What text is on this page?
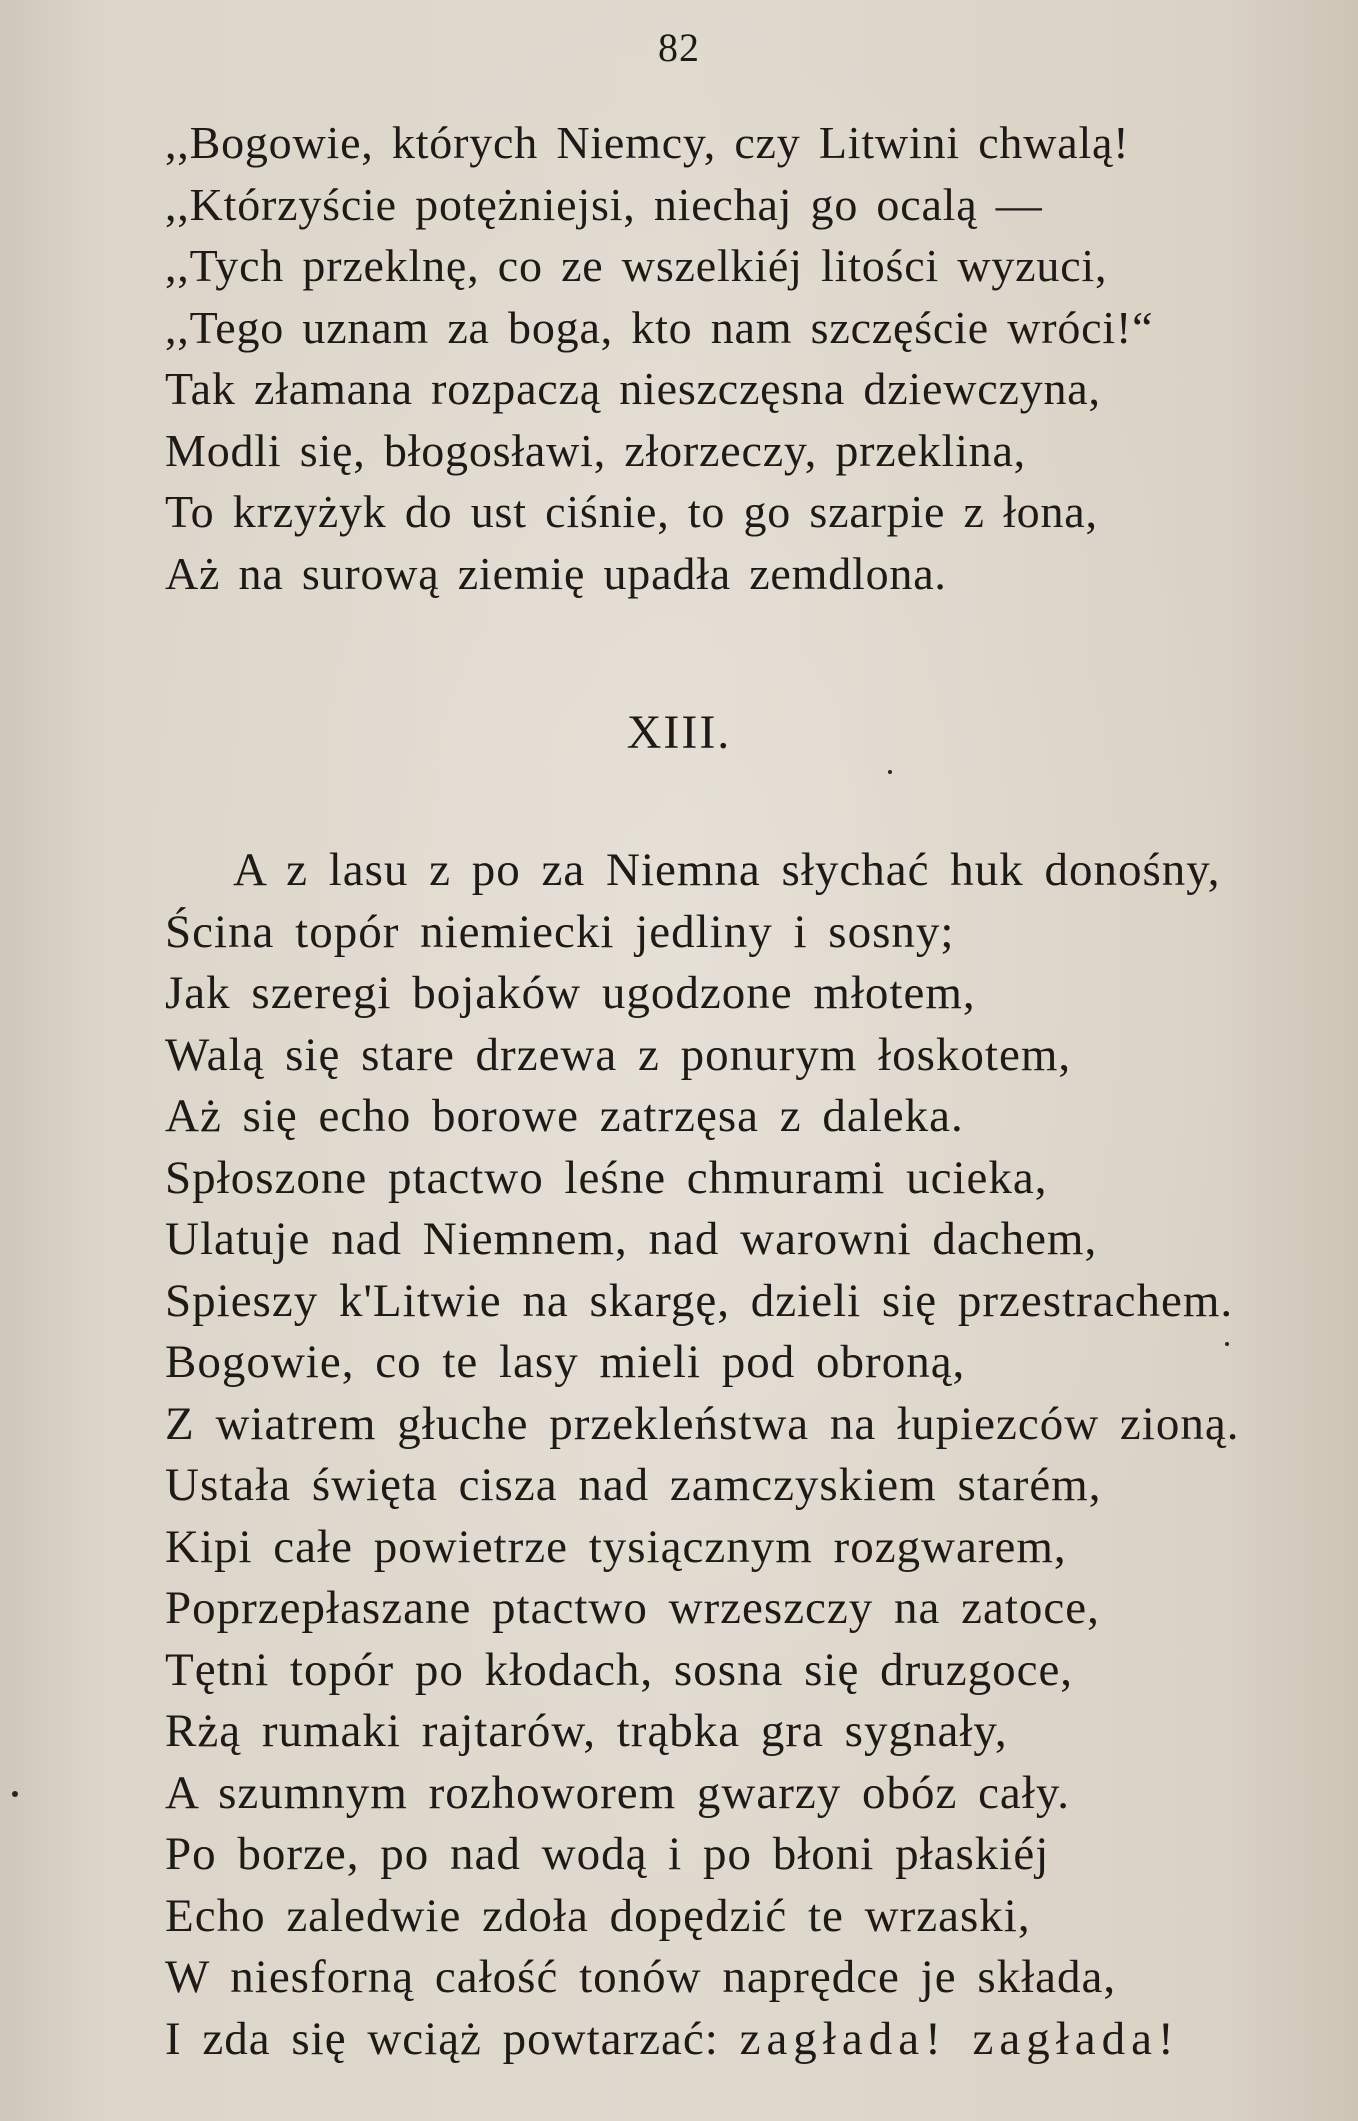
82
,,Bogowie, których Niemcy, czy Litwini chwalą!
,,Którzyście potężniejsi, niechaj go ocalą —
,,Tych przeklnę, co ze wszelkiéj litości wyzuci,
,,Tego uznam za boga, kto nam szczęście wróci!“
Tak złamana rozpaczą nieszczęsna dziewczyna,
Modli się, błogosławi, złorzeczy, przeklina,
To krzyżyk do ust ciśnie, to go szarpie z łona,
Aż na surową ziemię upadła zemdlona.
XIII.
A z lasu z po za Niemna słychać huk donośny,
Ścina topór niemiecki jedliny i sosny;
Jak szeregi bojaków ugodzone młotem,
Walą się stare drzewa z ponurym łoskotem,
Aż się echo borowe zatrzęsa z daleka.
Spłoszone ptactwo leśne chmurami ucieka,
Ulatuje nad Niemnem, nad warowni dachem,
Spieszy k'Litwie na skargę, dzieli się przestrachem.
Bogowie, co te lasy mieli pod obroną,
Z wiatrem głuche przekleństwa na łupiezców zioną.
Ustała święta cisza nad zamczyskiem starém,
Kipi całe powietrze tysiącznym rozgwarem,
Poprzepłaszane ptactwo wrzeszczy na zatoce,
Tętni topór po kłodach, sosna się druzgoce,
Rżą rumaki rajtarów, trąbka gra sygnały,
A szumnym rozhoworem gwarzy obóz cały.
Po borze, po nad wodą i po błoni płaskiéj
Echo zaledwie zdoła dopędzić te wrzaski,
W niesforną całość tonów naprędce je składa,
I zda się wciąż powtarzać: zagłada! zagłada!
